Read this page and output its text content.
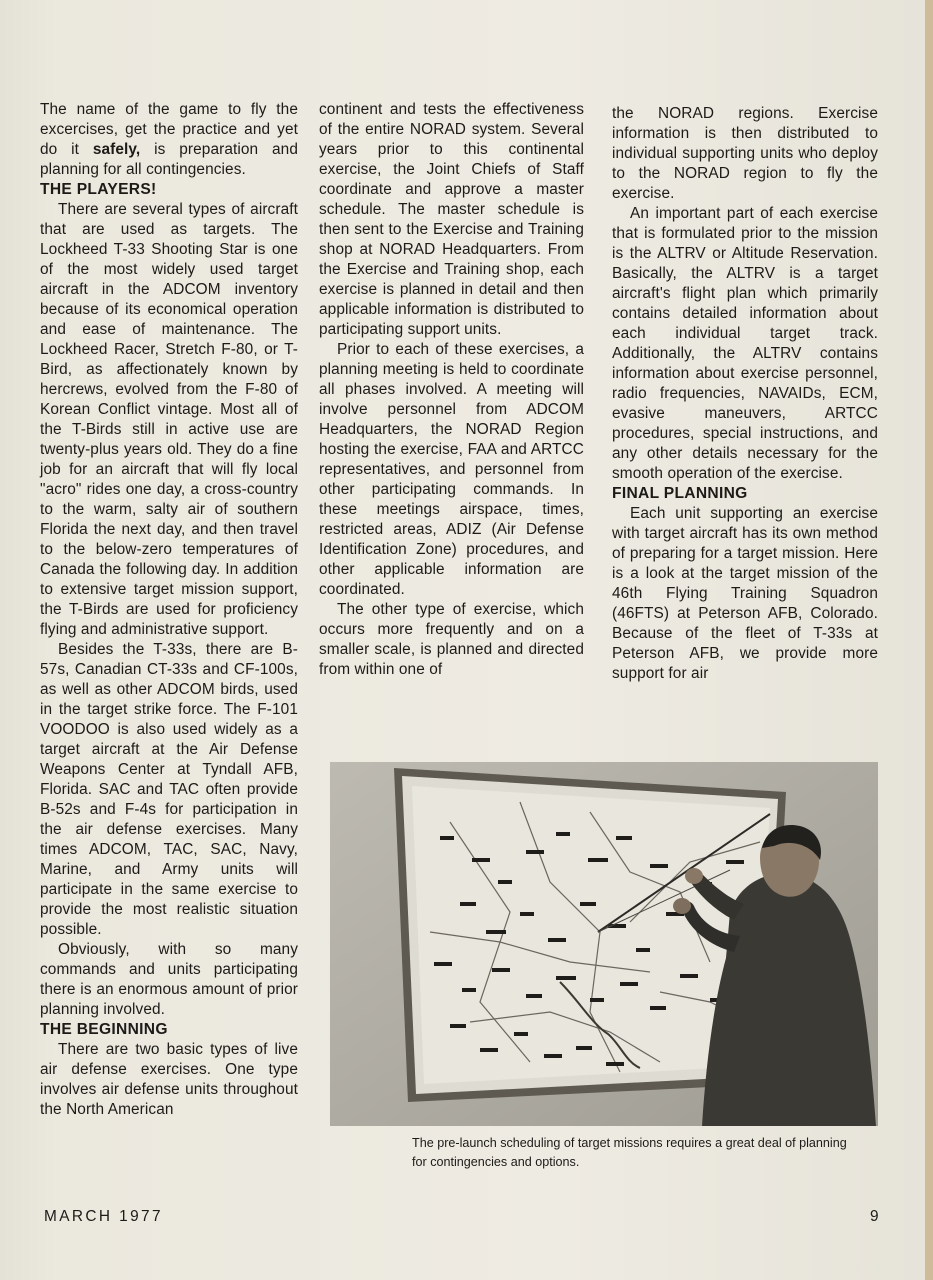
The name of the game to fly the excercises, get the practice and yet do it safely, is preparation and planning for all contingencies.

THE PLAYERS!

There are several types of aircraft that are used as targets. The Lockheed T-33 Shooting Star is one of the most widely used target aircraft in the ADCOM inventory because of its economical operation and ease of maintenance. The Lockheed Racer, Stretch F-80, or T-Bird, as affectionately known by hercrews, evolved from the F-80 of Korean Conflict vintage. Most all of the T-Birds still in active use are twenty-plus years old. They do a fine job for an aircraft that will fly local "acro" rides one day, a cross-country to the warm, salty air of southern Florida the next day, and then travel to the below-zero temperatures of Canada the following day. In addition to extensive target mission support, the T-Birds are used for proficiency flying and administrative support.

Besides the T-33s, there are B-57s, Canadian CT-33s and CF-100s, as well as other ADCOM birds, used in the target strike force. The F-101 VOODOO is also used widely as a target aircraft at the Air Defense Weapons Center at Tyndall AFB, Florida. SAC and TAC often provide B-52s and F-4s for participation in the air defense exercises. Many times ADCOM, TAC, SAC, Navy, Marine, and Army units will participate in the same exercise to provide the most realistic situation possible.

Obviously, with so many commands and units participating there is an enormous amount of prior planning involved.

THE BEGINNING

There are two basic types of live air defense exercises. One type involves air defense units throughout the North American

continent and tests the effectiveness of the entire NORAD system. Several years prior to this continental exercise, the Joint Chiefs of Staff coordinate and approve a master schedule. The master schedule is then sent to the Exercise and Training shop at NORAD Headquarters. From the Exercise and Training shop, each exercise is planned in detail and then applicable information is distributed to participating support units.

Prior to each of these exercises, a planning meeting is held to coordinate all phases involved. A meeting will involve personnel from ADCOM Headquarters, the NORAD Region hosting the exercise, FAA and ARTCC representatives, and personnel from other participating commands. In these meetings airspace, times, restricted areas, ADIZ (Air Defense Identification Zone) procedures, and other applicable information are coordinated.

The other type of exercise, which occurs more frequently and on a smaller scale, is planned and directed from within one of

the NORAD regions. Exercise information is then distributed to individual supporting units who deploy to the NORAD region to fly the exercise.

An important part of each exercise that is formulated prior to the mission is the ALTRV or Altitude Reservation. Basically, the ALTRV is a target aircraft's flight plan which primarily contains detailed information about each individual target track. Additionally, the ALTRV contains information about exercise personnel, radio frequencies, NAVAIDs, ECM, evasive maneuvers, ARTCC procedures, special instructions, and any other details necessary for the smooth operation of the exercise.

FINAL PLANNING

Each unit supporting an exercise with target aircraft has its own method of preparing for a target mission. Here is a look at the target mission of the 46th Flying Training Squadron (46FTS) at Peterson AFB, Colorado. Because of the fleet of T-33s at Peterson AFB, we provide more support for air

The pre-launch scheduling of target missions requires a great deal of planning for contingencies and options.
MARCH 1977	9
